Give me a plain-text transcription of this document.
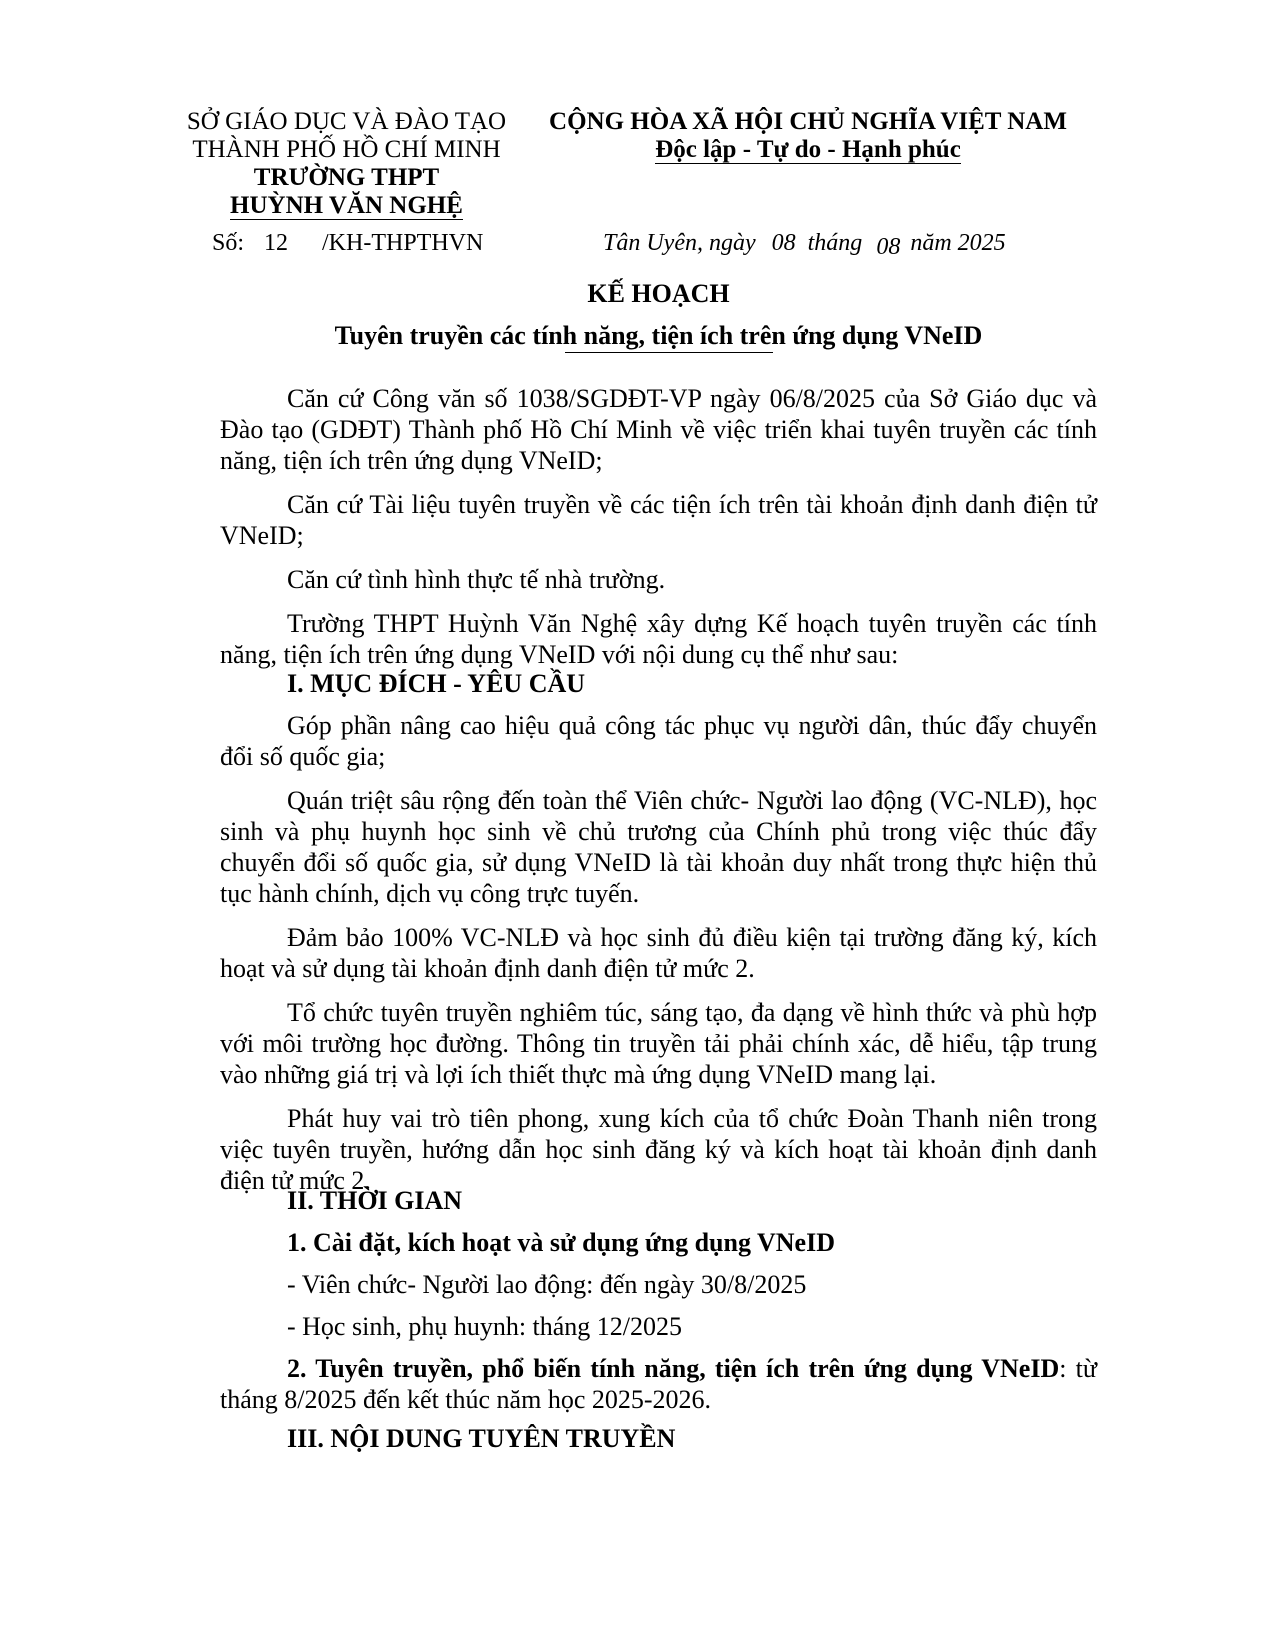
SỞ GIÁO DỤC VÀ ĐÀO TẠO
THÀNH PHỐ HỒ CHÍ MINH
TRƯỜNG THPT
HUỲNH VĂN NGHỆ
CỘNG HÒA XÃ HỘI CHỦ NGHĨA VIỆT NAM
Độc lập - Tự do - Hạnh phúc
Số: 12 /KH-THPTHVN	Tân Uyên, ngày 08 tháng 08 năm 2025
KẾ HOẠCH
Tuyên truyền các tính năng, tiện ích trên ứng dụng VNeID

Căn cứ Công văn số 1038/SGDĐT-VP ngày 06/8/2025 của Sở Giáo dục và Đào tạo (GDĐT) Thành phố Hồ Chí Minh về việc triển khai tuyên truyền các tính năng, tiện ích trên ứng dụng VNeID;

Căn cứ Tài liệu tuyên truyền về các tiện ích trên tài khoản định danh điện tử VNeID;

Căn cứ tình hình thực tế nhà trường.

Trường THPT Huỳnh Văn Nghệ xây dựng Kế hoạch tuyên truyền các tính năng, tiện ích trên ứng dụng VNeID với nội dung cụ thể như sau:

I. MỤC ĐÍCH - YÊU CẦU

Góp phần nâng cao hiệu quả công tác phục vụ người dân, thúc đẩy chuyển đổi số quốc gia;

Quán triệt sâu rộng đến toàn thể Viên chức- Người lao động (VC-NLĐ), học sinh và phụ huynh học sinh về chủ trương của Chính phủ trong việc thúc đẩy chuyển đổi số quốc gia, sử dụng VNeID là tài khoản duy nhất trong thực hiện thủ tục hành chính, dịch vụ công trực tuyến.

Đảm bảo 100% VC-NLĐ và học sinh đủ điều kiện tại trường đăng ký, kích hoạt và sử dụng tài khoản định danh điện tử mức 2.

Tổ chức tuyên truyền nghiêm túc, sáng tạo, đa dạng về hình thức và phù hợp với môi trường học đường. Thông tin truyền tải phải chính xác, dễ hiểu, tập trung vào những giá trị và lợi ích thiết thực mà ứng dụng VNeID mang lại.

Phát huy vai trò tiên phong, xung kích của tổ chức Đoàn Thanh niên trong việc tuyên truyền, hướng dẫn học sinh đăng ký và kích hoạt tài khoản định danh điện tử mức 2.

II. THỜI GIAN
1. Cài đặt, kích hoạt và sử dụng ứng dụng VNeID
- Viên chức- Người lao động: đến ngày 30/8/2025
- Học sinh, phụ huynh: tháng 12/2025

2. Tuyên truyền, phổ biến tính năng, tiện ích trên ứng dụng VNeID: từ tháng 8/2025 đến kết thúc năm học 2025-2026.

III. NỘI DUNG TUYÊN TRUYỀN
